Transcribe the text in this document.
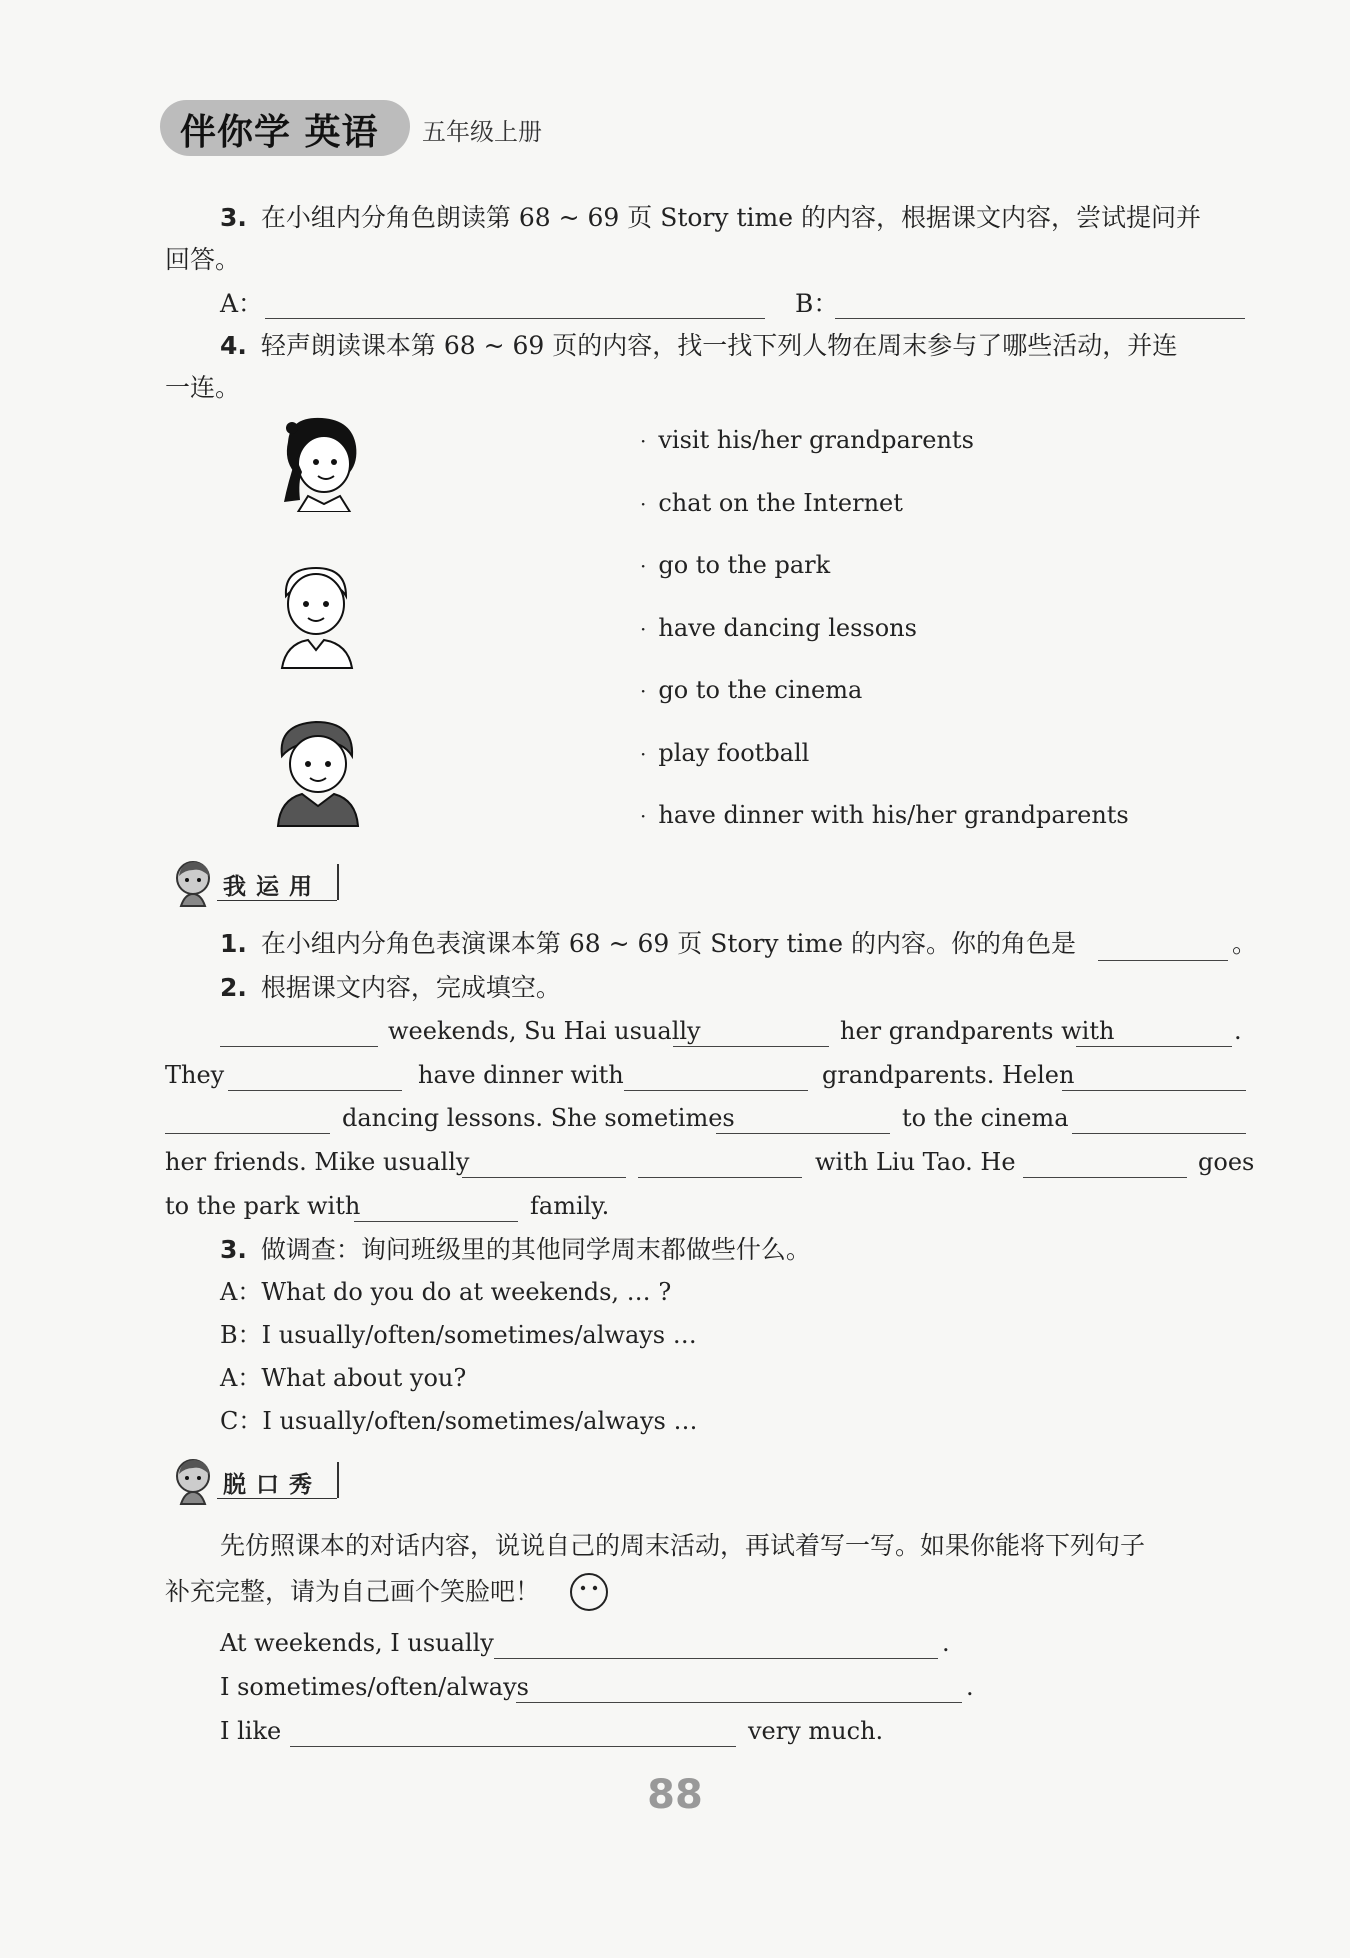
伴你学 英语 五年级上册
3. 在小组内分角色朗读第 68 ~ 69 页 Story time 的内容，根据课文内容，尝试提问并
回答。
A：	B：
4. 轻声朗读课本第 68 ~ 69 页的内容，找一找下列人物在周末参与了哪些活动，并连
一连。
· visit his/her grandparents
· chat on the Internet
· go to the park
· have dancing lessons
· go to the cinema
· play football
· have dinner with his/her grandparents
我运用
1. 在小组内分角色表演课本第 68 ~ 69 页 Story time 的内容。你的角色是	。
2. 根据课文内容，完成填空。
weekends, Su Hai usually	her grandparents with	.
They	have dinner with	grandparents. Helen
dancing lessons. She sometimes	to the cinema
her friends. Mike usually	with Liu Tao. He	goes
to the park with	family.
3. 做调查：询问班级里的其他同学周末都做些什么。
A：What do you do at weekends, … ?
B：I usually/often/sometimes/always …
A：What about you?
C：I usually/often/sometimes/always …
脱口秀
先仿照课本的对话内容，说说自己的周末活动，再试着写一写。如果你能将下列句子
补充完整，请为自己画个笑脸吧！
At weekends, I usually	.
I sometimes/often/always	.
I like	very much.
88
